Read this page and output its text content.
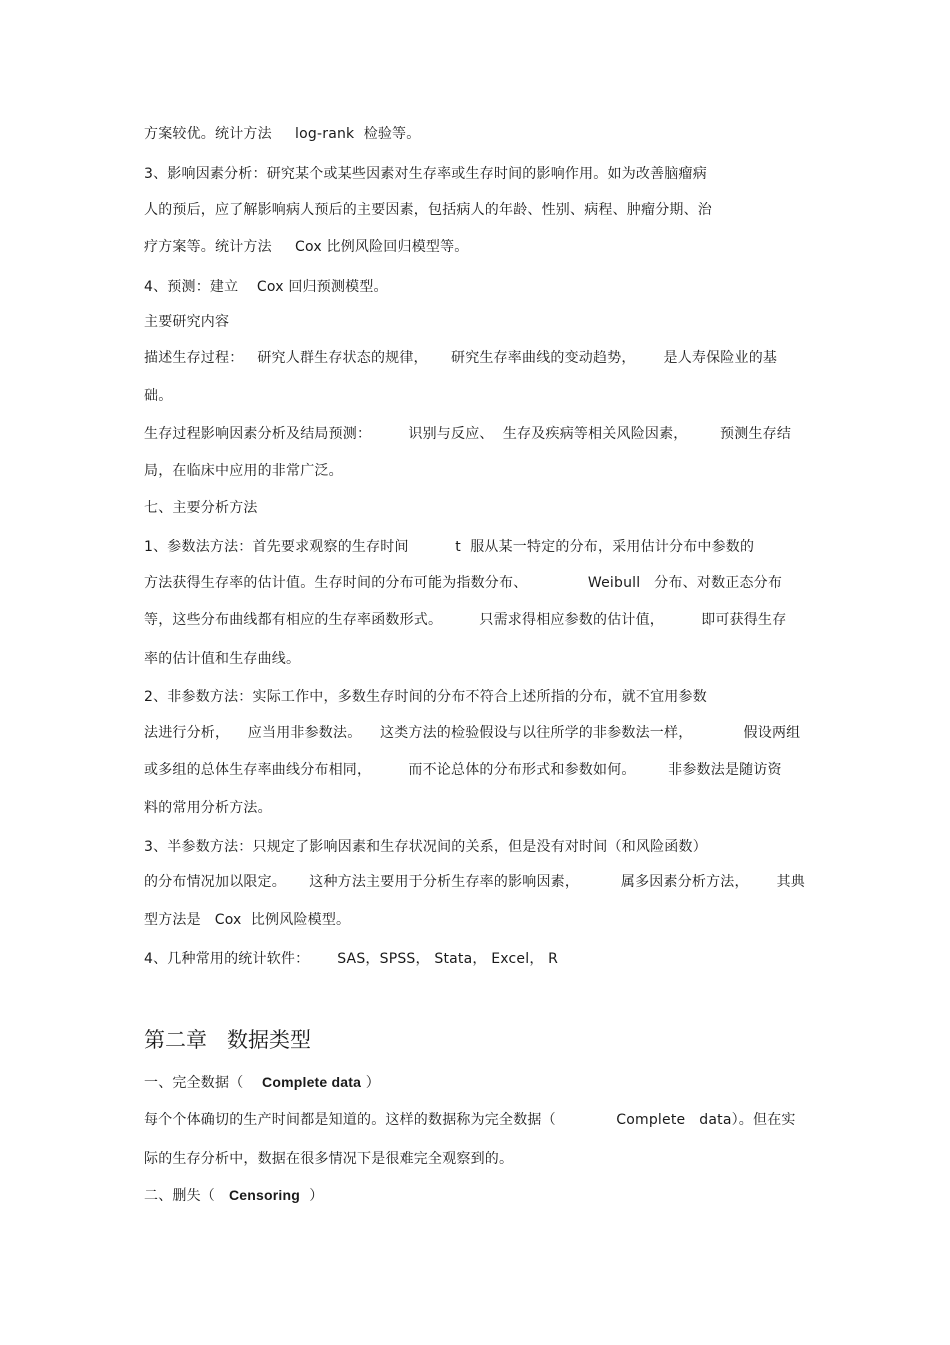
方案较优。统计方法     log-rank  检验等。
3、影响因素分析：研究某个或某些因素对生存率或生存时间的影响作用。如为改善脑瘤病
人的预后，应了解影响病人预后的主要因素，包括病人的年龄、性别、病程、肿瘤分期、治
疗方案等。统计方法     Cox 比例风险回归模型等。
4、预测：建立    Cox 回归预测模型。
主要研究内容
描述生存过程：   研究人群生存状态的规律，     研究生存率曲线的变动趋势，      是人寿保险业的基
础。
生存过程影响因素分析及结局预测：        识别与反应、  生存及疾病等相关风险因素，       预测生存结
局，在临床中应用的非常广泛。
七、主要分析方法
1、参数法方法：首先要求观察的生存时间          t  服从某一特定的分布，采用估计分布中参数的
方法获得生存率的估计值。生存时间的分布可能为指数分布、             Weibull   分布、对数正态分布
等，这些分布曲线都有相应的生存率函数形式。        只需求得相应参数的估计值，        即可获得生存
率的估计值和生存曲线。
2、非参数方法：实际工作中，多数生存时间的分布不符合上述所指的分布，就不宜用参数
法进行分析，    应当用非参数法。    这类方法的检验假设与以往所学的非参数法一样，           假设两组
或多组的总体生存率曲线分布相同，        而不论总体的分布形式和参数如何。       非参数法是随访资
料的常用分析方法。
3、半参数方法：只规定了影响因素和生存状况间的关系，但是没有对时间（和风险函数）
的分布情况加以限定。     这种方法主要用于分析生存率的影响因素，         属多因素分析方法，      其典
型方法是   Cox  比例风险模型。
4、几种常用的统计软件：      SAS，SPSS， Stata， Excel， R
第二章   数据类型
一、完全数据（    Complete data ）
每个个体确切的生产时间都是知道的。这样的数据称为完全数据（             Complete   data）。但在实
际的生存分析中，数据在很多情况下是很难完全观察到的。
二、删失（   Censoring  ）
